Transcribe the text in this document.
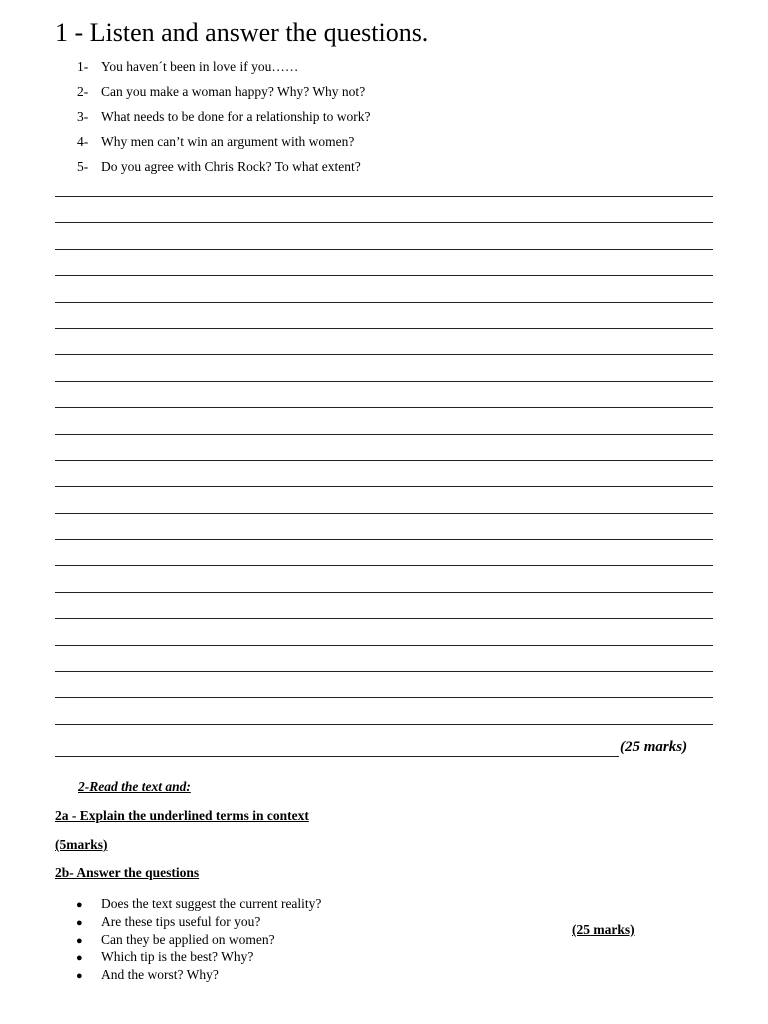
1 - Listen and answer the questions.
1- You haven´t been in love if you……
2- Can you make a woman happy? Why? Why not?
3- What needs to be done for a relationship to work?
4- Why men can’t win an argument with women?
5- Do you agree with Chris Rock? To what extent?
(25 marks)
2-Read the text and:
2a - Explain the underlined terms in context
(5marks)
2b- Answer the questions
● Does the text suggest the current reality?
● Are these tips useful for you?
● Can they be applied on women?
● Which tip is the best? Why?
● And the worst? Why?
(25 marks)
